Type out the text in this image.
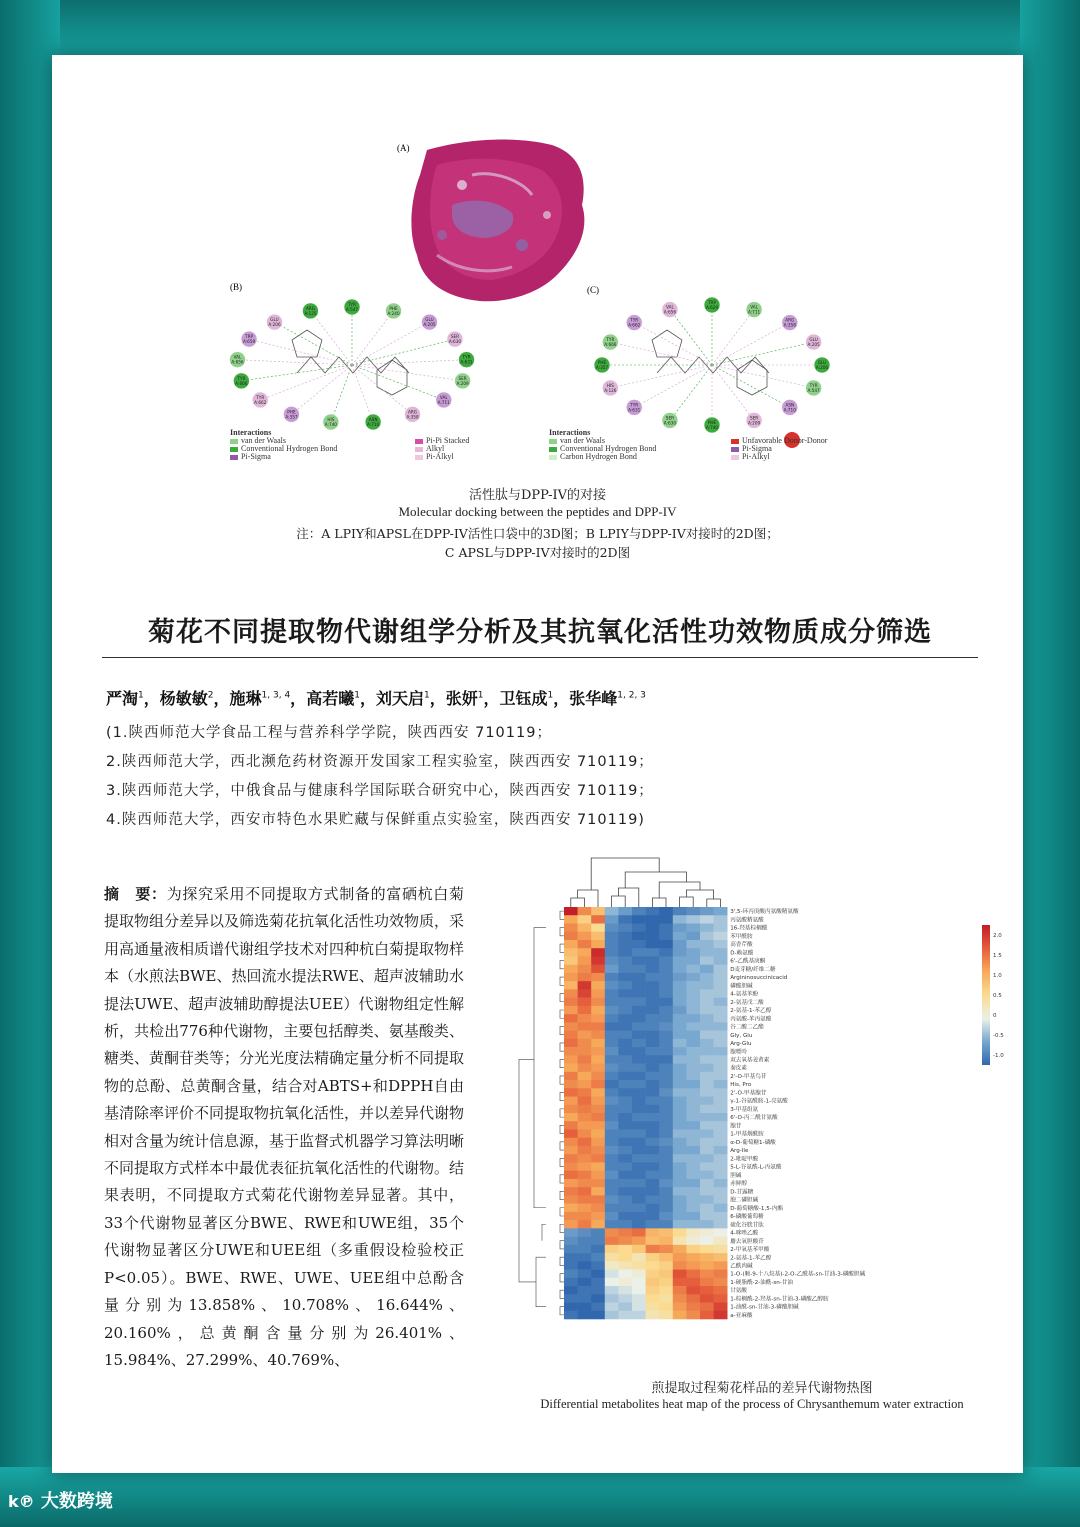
(A)
(B)	(C)
TYR
A:547	PHE
A:240
GLU
A:205
SER
A:630
TYR
A:631
SER
A:209
VAL
A:711
ARG
A:358
ASN
A:710
HIS
A:740
PHE
A:357
TYR
A:662
TYR
A:666
VAL
A:656
TRP
A:659
GLU
A:206
ARG
A:125
TRP
A:629	VAL
A:711
ARG
A:358
GLU
A:205
GLU
A:206
TYR
A:547
ASN
A:710
SER
A:209
PHE
A:740
SER
A:630
TYR
A:631
HIS
A:126
PHE
A:357
TYR
A:666
TYR
A:662
VAL
A:656
Interactions
van der Waals
Conventional Hydrogen Bond
Pi-Sigma
Pi-Pi Stacked
Alkyl
Pi-Alkyl
Interactions
van der Waals
Conventional Hydrogen Bond
Carbon Hydrogen Bond
Unfavorable Donor-Donor
Pi-Sigma
Pi-Alkyl
活性肽与DPP-IV的对接
Molecular docking between the peptides and DPP-IV
注：A LPIY和APSL在DPP-IV活性口袋中的3D图；B LPIY与DPP-IV对接时的2D图；
C APSL与DPP-IV对接时的2D图
菊花不同提取物代谢组学分析及其抗氧化活性功效物质成分筛选
严淘$^1$，杨敏敏$^2$，施琳$^{1, 3, 4}$，高若曦$^1$，刘天启$^1$，张妍$^1$，卫钰成$^1$，张华峰$^{1, 2, 3}$
(1.陕西师范大学食品工程与营养科学学院，陕西西安 710119；
2.陕西师范大学，西北濒危药材资源开发国家工程实验室，陕西西安 710119；
3.陕西师范大学，中俄食品与健康科学国际联合研究中心，陕西西安 710119；
4.陕西师范大学，西安市特色水果贮藏与保鲜重点实验室，陕西西安 710119)
摘　要：为探究采用不同提取方式制备的富硒杭白菊提取物组分差异以及筛选菊花抗氧化活性功效物质，采用高通量液相质谱代谢组学技术对四种杭白菊提取物样本（水煎法BWE、热回流水提法RWE、超声波辅助水提法UWE、超声波辅助醇提法UEE）代谢物组定性解析，共检出776种代谢物，主要包括醇类、氨基酸类、糖类、黄酮苷类等；分光光度法精确定量分析不同提取物的总酚、总黄酮含量，结合对ABTS+和DPPH自由基清除率评价不同提取物抗氧化活性，并以差异代谢物相对含量为统计信息源，基于监督式机器学习算法明晰不同提取方式样本中最优表征抗氧化活性的代谢物。结果表明，不同提取方式菊花代谢物差异显著。其中，33个代谢物显著区分BWE、RWE和UWE组，35个代谢物显著区分UWE和UEE组（多重假设检验校正P<0.05）。BWE、RWE、UWE、UEE组中总酚含量分别为13.858%、10.708%、16.644%、20.160%，总黄酮含量分别为26.401%、15.984%、27.299%、40.769%、
3',5-环丙庚酸丙氨酸精氨酸
丙氨酸精氨酸
16-羟基棕榈酸
苯甲酰胺
高香芹酸
D-赖氨酸
6'-乙酰基庚酮
D麦芽糖/纤维二糖
Argininosuccinicacid
磷酸胆碱
4-氨基苯酚
2-氨基戊二酸
2-氨基-1-苯乙醇
丙氨酸-苯丙氨酸
谷二酸二乙酯
Gly, Glu
Arg-Glu
腺嘌呤
双去氧基姜黄素
秦皮素
2'-O-甲基鸟苷
His, Pro
2'-O-甲基腺苷
γ-1-谷氨酰胺-1-亮氨酸
3-甲基组氨
6'-O-丙二酰甘氨酸
腺苷
1-甲基烟酰胺
α-D-葡萄糖1-磷酸
Arg-Ile
2-吡啶甲酸
5-L-谷氨酰-L-丙氨酸
胆碱
赤鲜醇
D-甘露糖
胞二磷胆碱
D-葡萄糖酸-1,5-内酯
6-磷酸葡萄糖
硫化谷胱甘肽
4-咪唑乙酸
麝去氧胆酸苷
2-甲氧基苯甲酸
2-氨基-1-苯乙醇
乙酰肉碱
1-O-(顺-9-十八烷基)-2-O-乙酰基-sn-甘油-3-磷酸胆碱
1-硬脂酰-2-油酰-sn-甘油
甘氨酸
1-棕榈酰-2-羟基-sn-甘油-3-磷酸乙醇胺
1-油酰-sn-甘油-3-磷酸胆碱
a-亚麻酸
2.0
1.5
1.0
0.5
0
-0.5
-1.0
煎提取过程菊花样品的差异代谢物热图
Differential metabolites heat map of the process of Chrysanthemum water extraction
k℗ 大数跨境
